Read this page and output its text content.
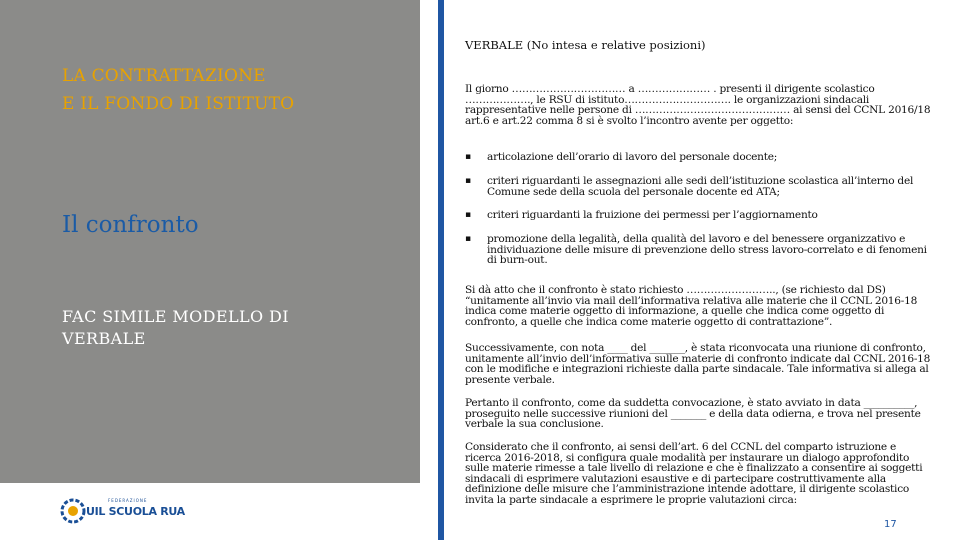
LA CONTRATTAZIONE
E IL FONDO DI ISTITUTO
Il confronto
FAC SIMILE MODELLO DI VERBALE
FEDERAZIONE
UIL SCUOLA RUA
VERBALE (No intesa e relative posizioni)
Il giorno …………………………… a ………………… . presenti il dirigente scolastico ………………., le RSU di istituto…………………………. le organizzazioni sindacali rappresentative nelle persone di ……………………………………… ai sensi del CCNL 2016/18 art.6 e art.22 comma 8 si è svolto l’incontro avente per oggetto:
▪ articolazione dell’orario di lavoro del personale docente;
▪ criteri riguardanti le assegnazioni alle sedi dell’istituzione scolastica all’interno del Comune sede della scuola del personale docente ed ATA;
▪ criteri riguardanti la fruizione dei permessi per l’aggiornamento
▪ promozione della legalità, della qualità del lavoro e del benessere organizzativo e individuazione delle misure di prevenzione dello stress lavoro-correlato e di fenomeni di burn-out.
Si dà atto che il confronto è stato richiesto …………………….., (se richiesto dal DS) “unitamente all’invio via mail dell’informativa relativa alle materie che il CCNL 2016-18 indica come materie oggetto di informazione, a quelle che indica come oggetto di confronto, a quelle che indica come materie oggetto di contrattazione”.
Successivamente, con nota ____ del _______, è stata riconvocata una riunione di confronto, unitamente all’invio dell’informativa sulle materie di confronto indicate dal CCNL 2016-18 con le modifiche e integrazioni richieste dalla parte sindacale. Tale informativa si allega al presente verbale.
Pertanto il confronto, come da suddetta convocazione, è stato avviato in data __________, proseguito nelle successive riunioni del _______ e della data odierna, e trova nel presente verbale la sua conclusione.
Considerato che il confronto, ai sensi dell’art. 6 del CCNL del comparto istruzione e ricerca 2016-2018, si configura quale modalità per instaurare un dialogo approfondito sulle materie rimesse a tale livello di relazione e che è finalizzato a consentire ai soggetti sindacali di esprimere valutazioni esaustive e di partecipare costruttivamente alla definizione delle misure che l’amministrazione intende adottare, il dirigente scolastico invita la parte sindacale a esprimere le proprie valutazioni circa:
17
